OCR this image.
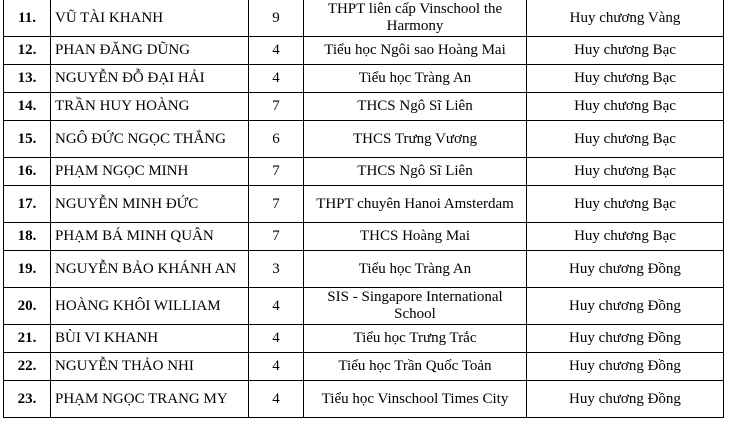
11.	VŨ TÀI KHANH	9	THPT liên cấp Vinschool the Harmony	Huy chương Vàng
12.	PHAN ĐĂNG DŨNG	4	Tiểu học Ngôi sao Hoàng Mai	Huy chương Bạc
13.	NGUYỄN ĐỖ ĐẠI HẢI	4	Tiểu học Tràng An	Huy chương Bạc
14.	TRẦN HUY HOÀNG	7	THCS Ngô Sĩ Liên	Huy chương Bạc
15.	NGÔ ĐỨC NGỌC THẮNG	6	THCS Trưng Vương	Huy chương Bạc
16.	PHẠM NGỌC MINH	7	THCS Ngô Sĩ Liên	Huy chương Bạc
17.	NGUYỄN MINH ĐỨC	7	THPT chuyên Hanoi Amsterdam	Huy chương Bạc
18.	PHẠM BÁ MINH QUÂN	7	THCS Hoàng Mai	Huy chương Bạc
19.	NGUYỄN BẢO KHÁNH AN	3	Tiểu học Tràng An	Huy chương Đồng
20.	HOÀNG KHÔI WILLIAM	4	SIS - Singapore International School	Huy chương Đồng
21.	BÙI VI KHANH	4	Tiểu học Trưng Trắc	Huy chương Đồng
22.	NGUYỄN THẢO NHI	4	Tiểu học Trần Quốc Toản	Huy chương Đồng
23.	PHẠM NGỌC TRANG MY	4	Tiểu học Vinschool Times City	Huy chương Đồng
